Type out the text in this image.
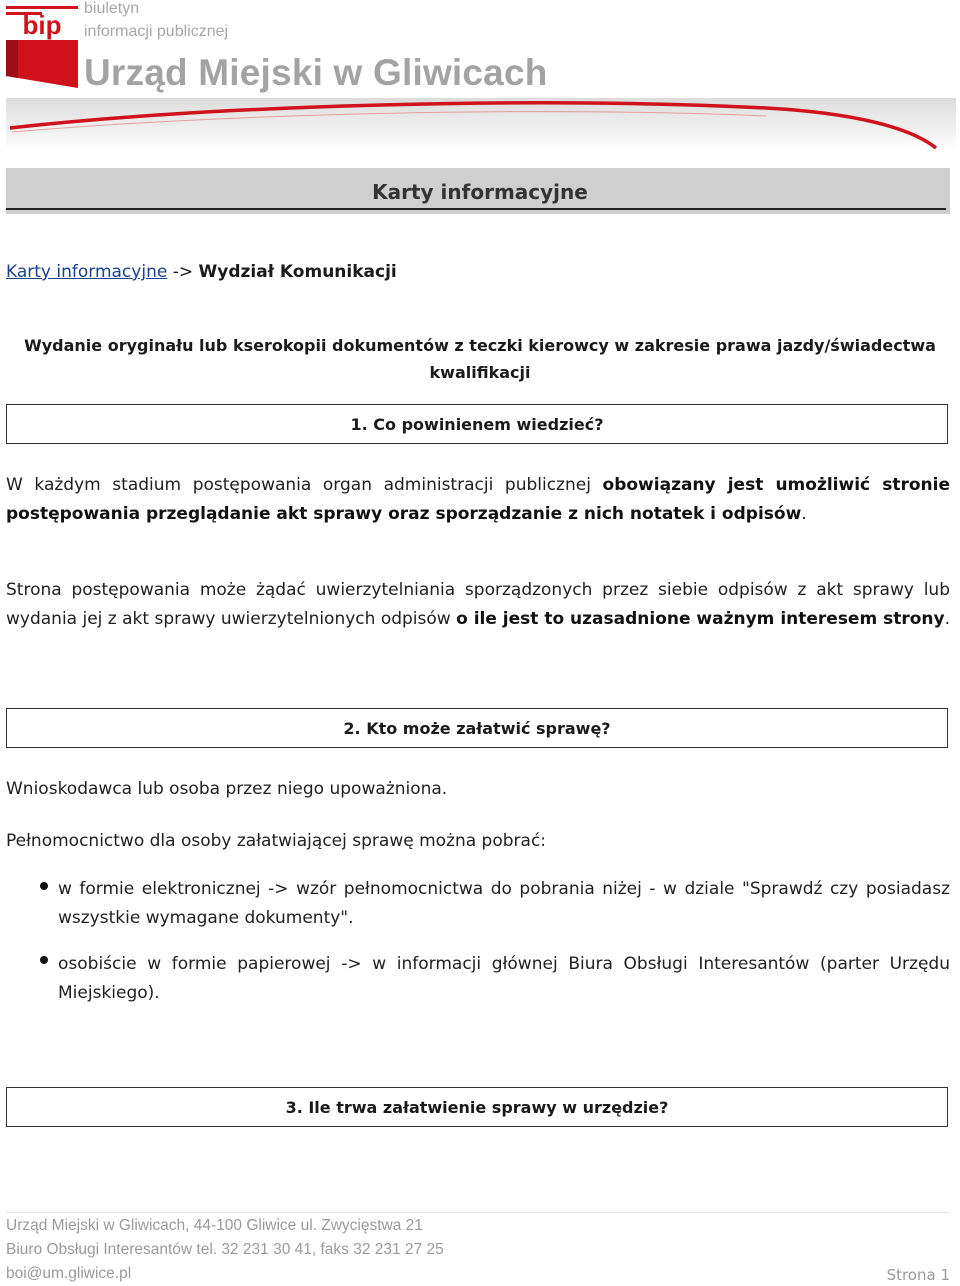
bip
biuletyn
informacji publicznej
Urząd Miejski w Gliwicach
Karty informacyjne
Karty informacyjne -> Wydział Komunikacji
Wydanie oryginału lub kserokopii dokumentów z teczki kierowcy w zakresie prawa jazdy/świadectwa kwalifikacji
1. Co powinienem wiedzieć?
W każdym stadium postępowania organ administracji publicznej obowiązany jest umożliwić stronie postępowania przeglądanie akt sprawy oraz sporządzanie z nich notatek i odpisów.
Strona postępowania może żądać uwierzytelniania sporządzonych przez siebie odpisów z akt sprawy lub wydania jej z akt sprawy uwierzytelnionych odpisów o ile jest to uzasadnione ważnym interesem strony.
2. Kto może załatwić sprawę?
Wnioskodawca lub osoba przez niego upoważniona.
Pełnomocnictwo dla osoby załatwiającej sprawę można pobrać:
w formie elektronicznej -> wzór pełnomocnictwa do pobrania niżej - w dziale "Sprawdź czy posiadasz wszystkie wymagane dokumenty".
osobiście w formie papierowej -> w informacji głównej Biura Obsługi Interesantów (parter Urzędu Miejskiego).
3. Ile trwa załatwienie sprawy w urzędzie?
Urząd Miejski w Gliwicach, 44-100 Gliwice ul. Zwycięstwa 21
Biuro Obsługi Interesantów tel. 32 231 30 41, faks 32 231 27 25
boi@um.gliwice.pl	Strona 1
